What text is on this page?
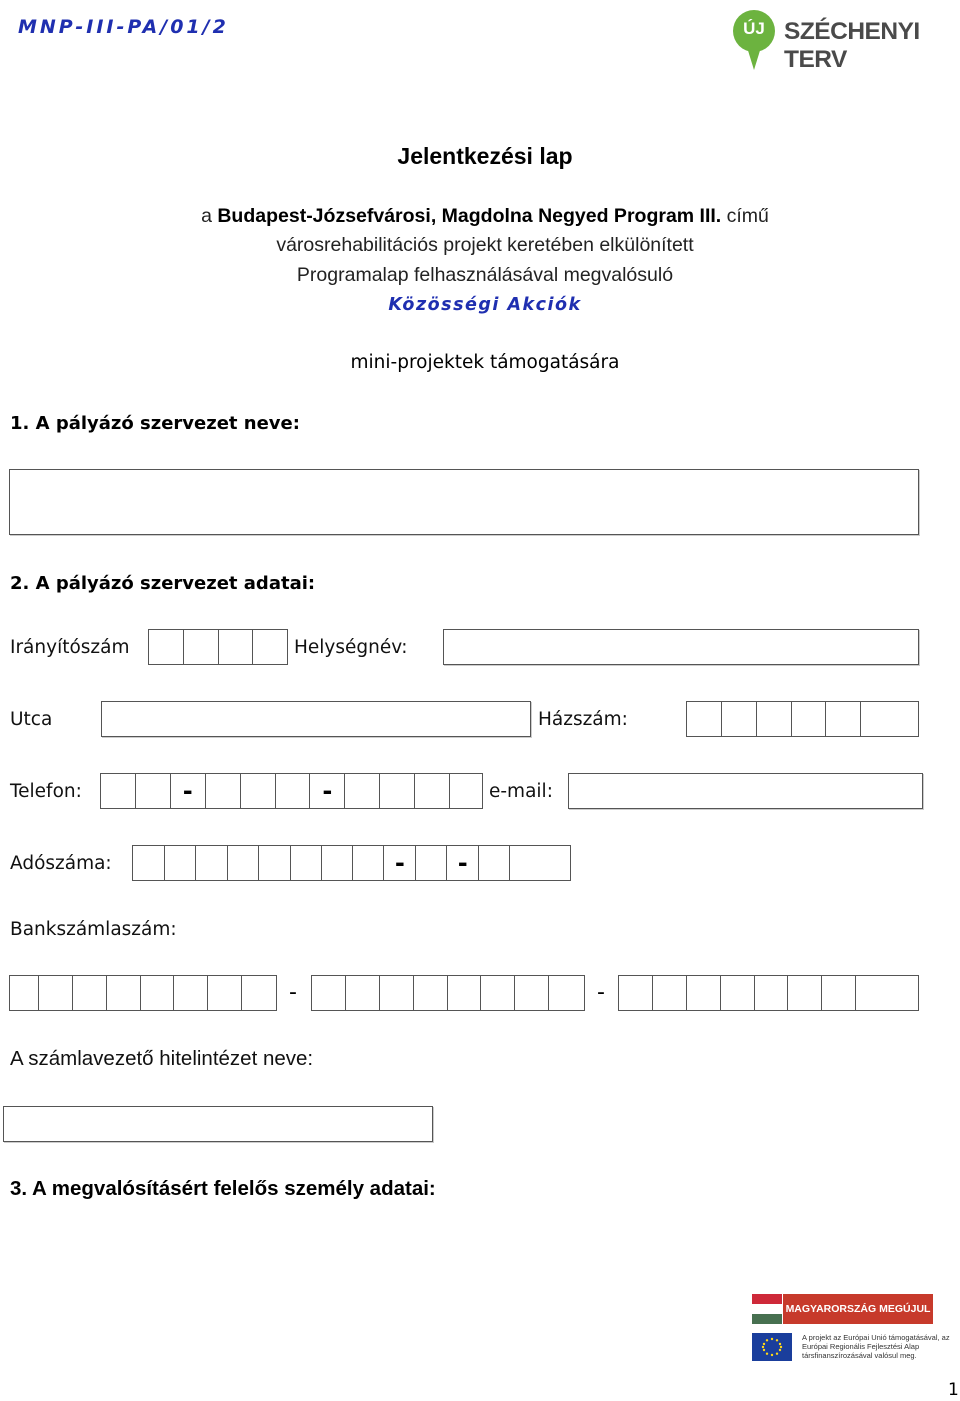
MNP-III-PA/01/2	ÚJ SZÉCHENYI TERV
Jelentkezési lap
a Budapest-Józsefvárosi, Magdolna Negyed Program III. című
városrehabilitációs projekt keretében elkülönített
Programalap felhasználásával megvalósuló
Közösségi Akciók
mini-projektek támogatására
1. A pályázó szervezet neve:
2. A pályázó szervezet adatai:
Irányítószám	Helységnév:
Utca	Házszám:
Telefon:	-	-	e-mail:
Adószáma:	-	-
Bankszámlaszám:
-	-
A számlavezető hitelintézet neve:
3. A megvalósításért felelős személy adatai:
MAGYARORSZÁG MEGÚJUL
A projekt az Európai Unió támogatásával, az Európai Regionális Fejlesztési Alap társfinanszírozásával valósul meg.
1
